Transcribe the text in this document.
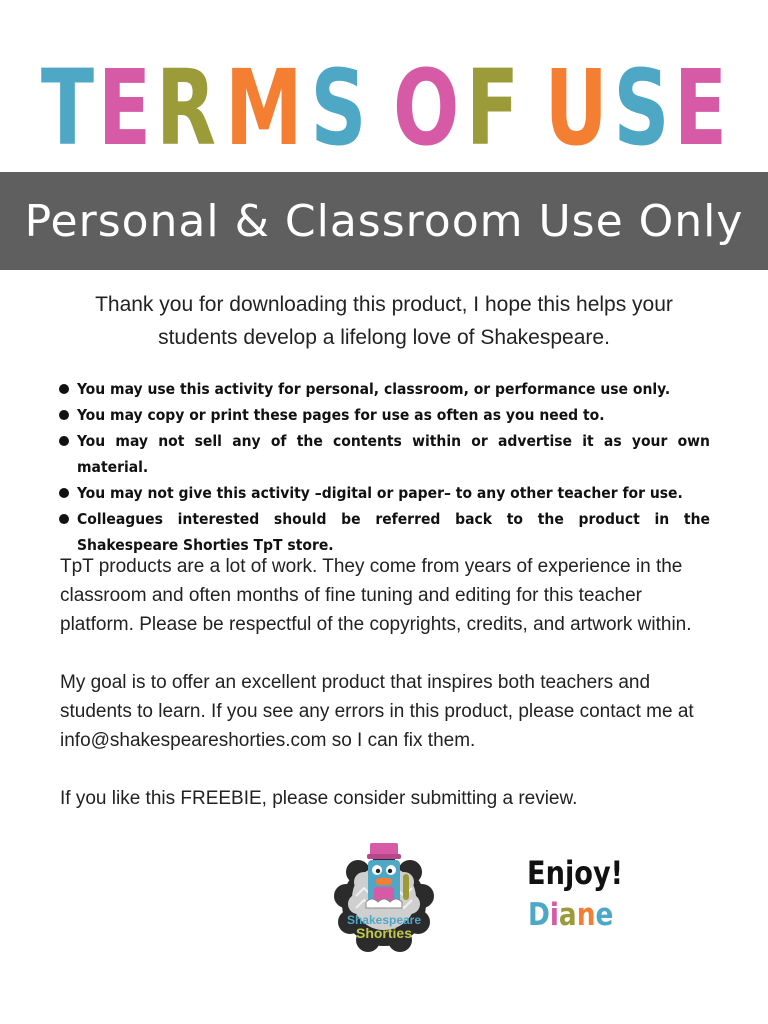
TERMS OF USE
Personal & Classroom Use Only

Thank you for downloading this product, I hope this helps your
students develop a lifelong love of Shakespeare.

You may use this activity for personal, classroom, or performance use only.
You may copy or print these pages for use as often as you need to.
You may not sell any of the contents within or advertise it as your own material.
You may not give this activity –digital or paper– to any other teacher for use.
Colleagues interested should be referred back to the product in the Shakespeare Shorties TpT store.

TpT products are a lot of work. They come from years of experience in the classroom and often months of fine tuning and editing for this teacher platform. Please be respectful of the copyrights, credits, and artwork within.

My goal is to offer an excellent product that inspires both teachers and students to learn. If you see any errors in this product, please contact me at info@shakespeareshorties.com so I can fix them.

If you like this FREEBIE, please consider submitting a review.

Shakespeare
Shorties

Enjoy!

Diane
